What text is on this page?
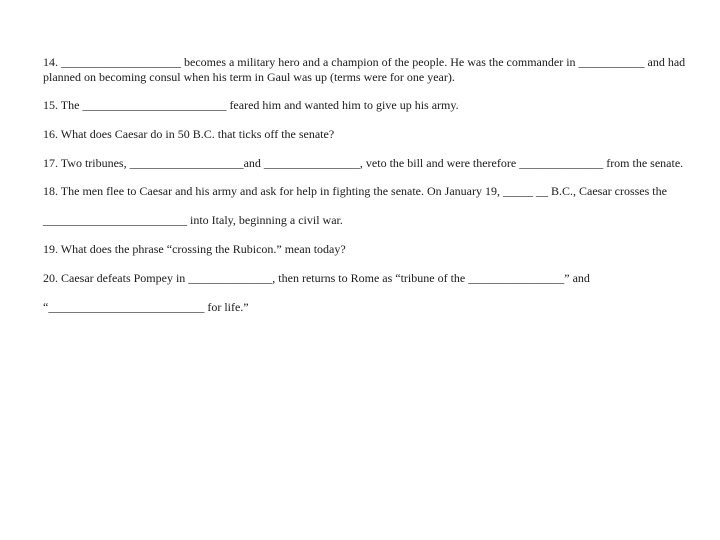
14. ____________________ becomes a military hero and a champion of the people. He was the commander in ___________ and had
planned on becoming consul when his term in Gaul was up (terms were for one year).
15. The ________________________ feared him and wanted him to give up his army.
16. What does Caesar do in 50 B.C. that ticks off the senate?
17. Two tribunes, ___________________and ________________, veto the bill and were therefore ______________ from the senate.
18. The men flee to Caesar and his army and ask for help in fighting the senate. On January 19, _____ __ B.C., Caesar crosses the
________________________ into Italy, beginning a civil war.
19. What does the phrase “crossing the Rubicon.” mean today?
20. Caesar defeats Pompey in ______________, then returns to Rome as “tribune of the ________________” and
“__________________________ for life.”
